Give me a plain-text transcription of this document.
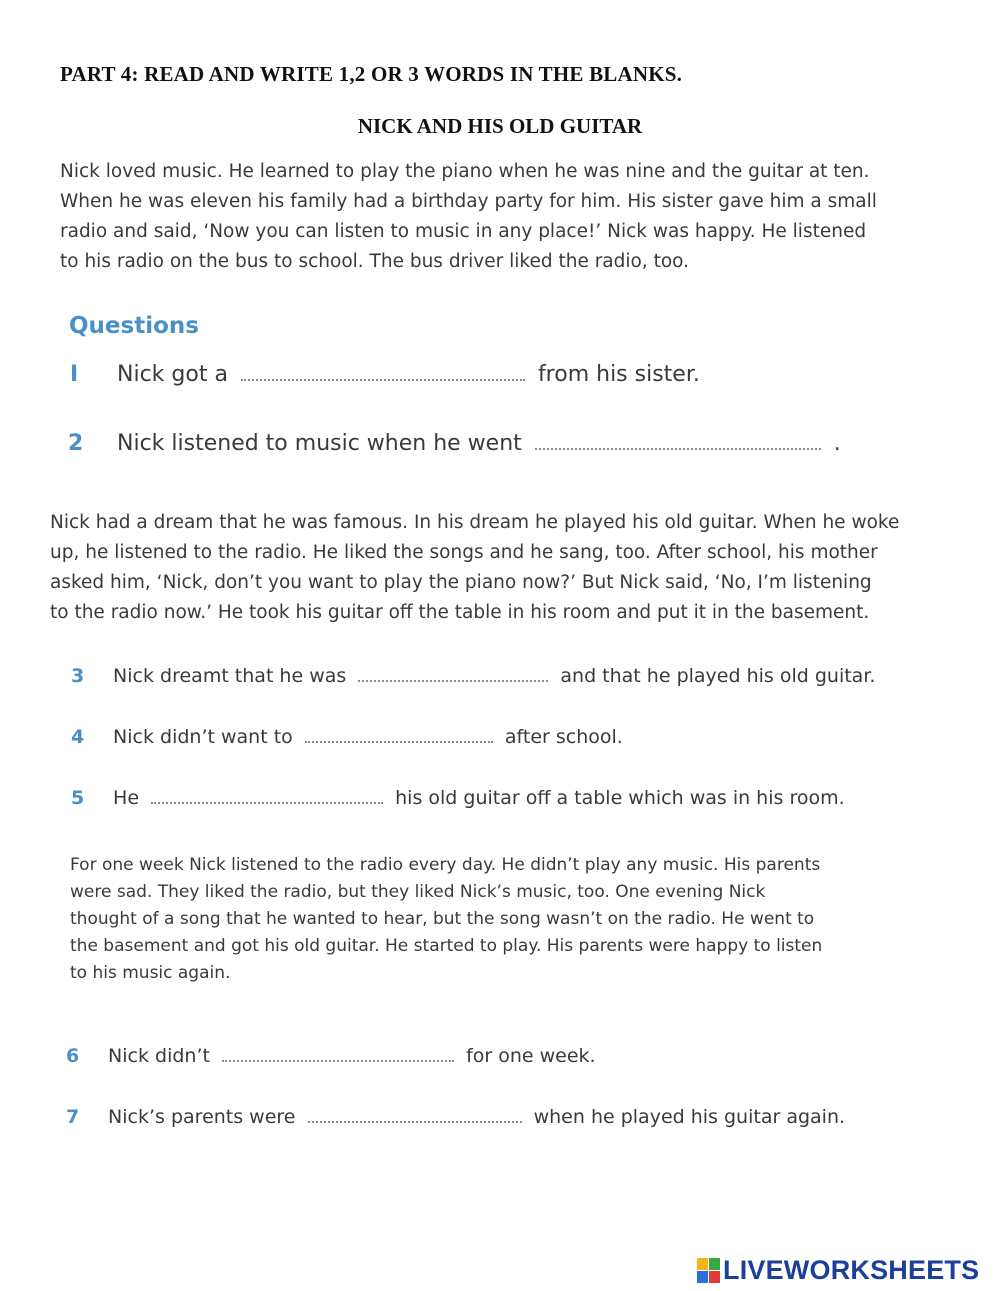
PART 4: READ AND WRITE 1,2 OR 3 WORDS IN THE BLANKS.
NICK AND HIS OLD GUITAR
Nick loved music. He learned to play the piano when he was nine and the guitar at ten.
When he was eleven his family had a birthday party for him. His sister gave him a small
radio and said, ‘Now you can listen to music in any place!’ Nick was happy. He listened
to his radio on the bus to school. The bus driver liked the radio, too.
Questions
I Nick got a	from his sister.
2 Nick listened to music when he went	.
Nick had a dream that he was famous. In his dream he played his old guitar. When he woke
up, he listened to the radio. He liked the songs and he sang, too. After school, his mother
asked him, ‘Nick, don’t you want to play the piano now?’ But Nick said, ‘No, I’m listening
to the radio now.’ He took his guitar off the table in his room and put it in the basement.
3 Nick dreamt that he was	and that he played his old guitar.
4 Nick didn’t want to	after school.
5 He	his old guitar off a table which was in his room.
For one week Nick listened to the radio every day. He didn’t play any music. His parents
were sad. They liked the radio, but they liked Nick’s music, too. One evening Nick
thought of a song that he wanted to hear, but the song wasn’t on the radio. He went to
the basement and got his old guitar. He started to play. His parents were happy to listen
to his music again.
6 Nick didn’t	for one week.
7 Nick’s parents were	when he played his guitar again.
LIVEWORKSHEETS
